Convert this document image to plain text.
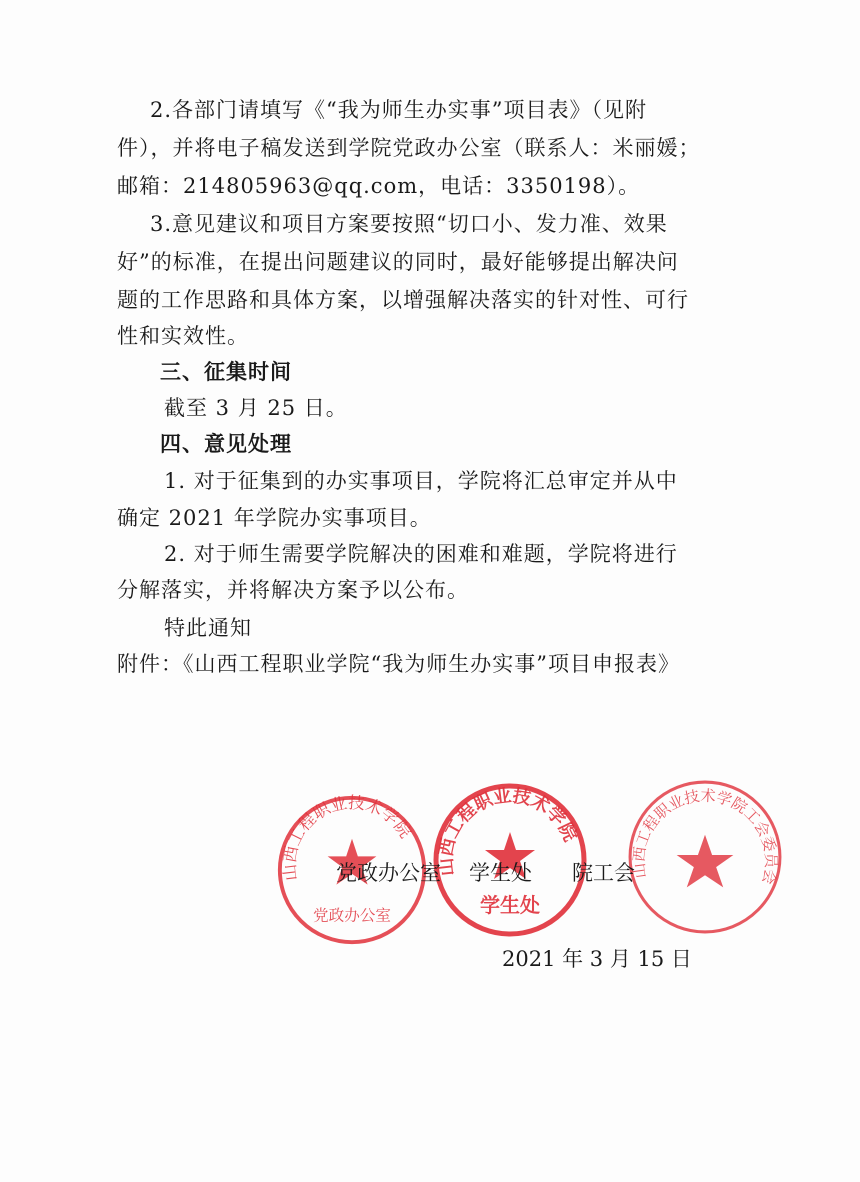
2.各部门请填写《“我为师生办实事”项目表》（见附
件），并将电子稿发送到学院党政办公室（联系人：米丽媛；
邮箱：214805963@qq.com，电话：3350198）。
3.意见建议和项目方案要按照“切口小、发力准、效果
好”的标准，在提出问题建议的同时，最好能够提出解决问
题的工作思路和具体方案，以增强解决落实的针对性、可行
性和实效性。
三、征集时间
截至 3 月 25 日。
四、意见处理
1. 对于征集到的办实事项目，学院将汇总审定并从中
确定 2021 年学院办实事项目。
2. 对于师生需要学院解决的困难和难题，学院将进行
分解落实，并将解决方案予以公布。
特此通知
附件：《山西工程职业学院“我为师生办实事”项目申报表》
山西工程职业技术学院
党政办公室
山西工程职业技术学院
学生处
山西工程职业技术学院工会委员会
党政办公室 学生处 院工会
2021 年 3 月 15 日
